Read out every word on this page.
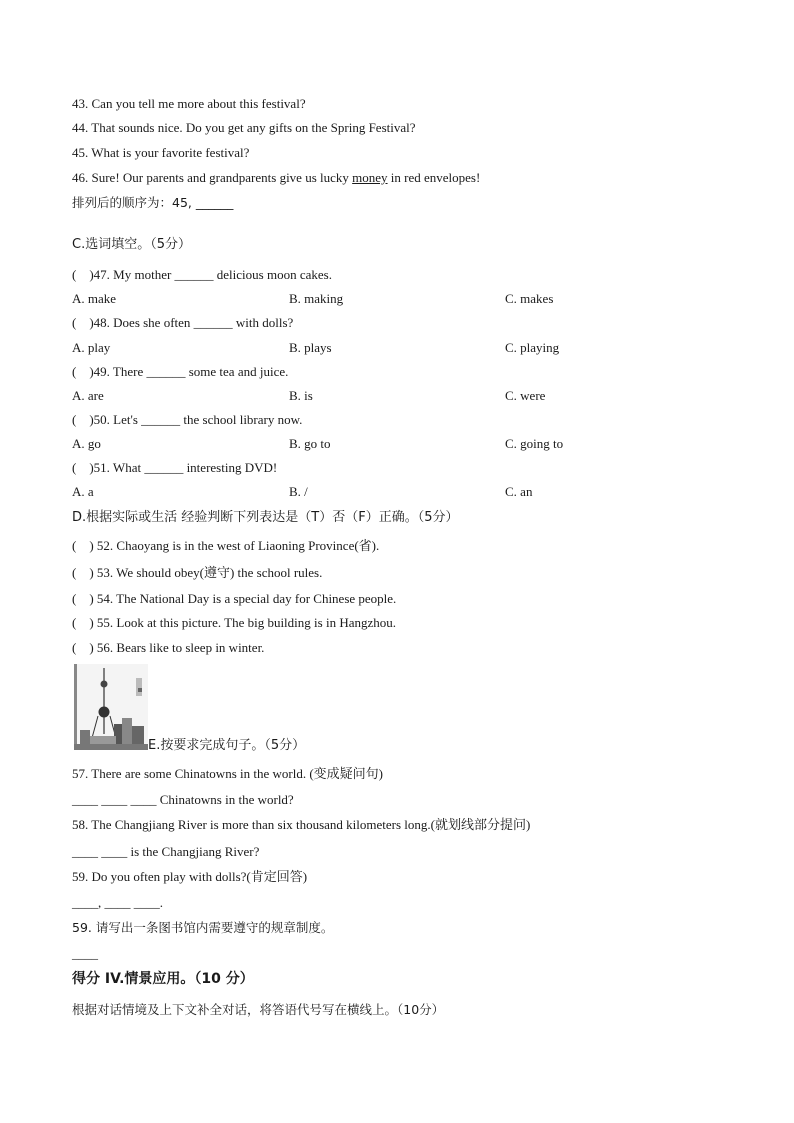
43. Can you tell me more about this festival?
44. That sounds nice. Do you get any gifts on the Spring Festival?
45. What is your favorite festival?
46. Sure! Our parents and grandparents give us lucky money in red envelopes!
排列后的顺序为：45, ______
C.选词填空。（5分）
(    )47. My mother ______ delicious moon cakes.
A. make	B. making	C. makes
(    )48. Does she often ______ with dolls?
A. play	B. plays	C. playing
(    )49. There ______ some tea and juice.
A. are	B. is	C. were
(    )50. Let's ______ the school library now.
A. go	B. go to	C. going to
(    )51. What ______ interesting DVD!
A. a	B. /	C. an
D.根据实际或生活 经验判断下列表达是（T）否（F）正确。（5分）
(    ) 52. Chaoyang is in the west of Liaoning Province(省).
(    ) 53. We should obey(遵守) the school rules.
(    ) 54. The National Day is a special day for Chinese people.
(    ) 55. Look at this picture. The big building is in Hangzhou.
(    ) 56. Bears like to sleep in winter.
E.按要求完成句子。（5分）
57. There are some Chinatowns in the world. (变成疑问句)
____ ____ ____ Chinatowns in the world?
58. The Changjiang River is more than six thousand kilometers long.(就划线部分提问)
____ ____ is the Changjiang River?
59. Do you often play with dolls?(肯定回答)
____, ____ ____.
59. 请写出一条图书馆内需要遵守的规章制度。
____
得分 IV.情景应用。（10 分）
根据对话情境及上下文补全对话，将答语代号写在横线上。（10分）
